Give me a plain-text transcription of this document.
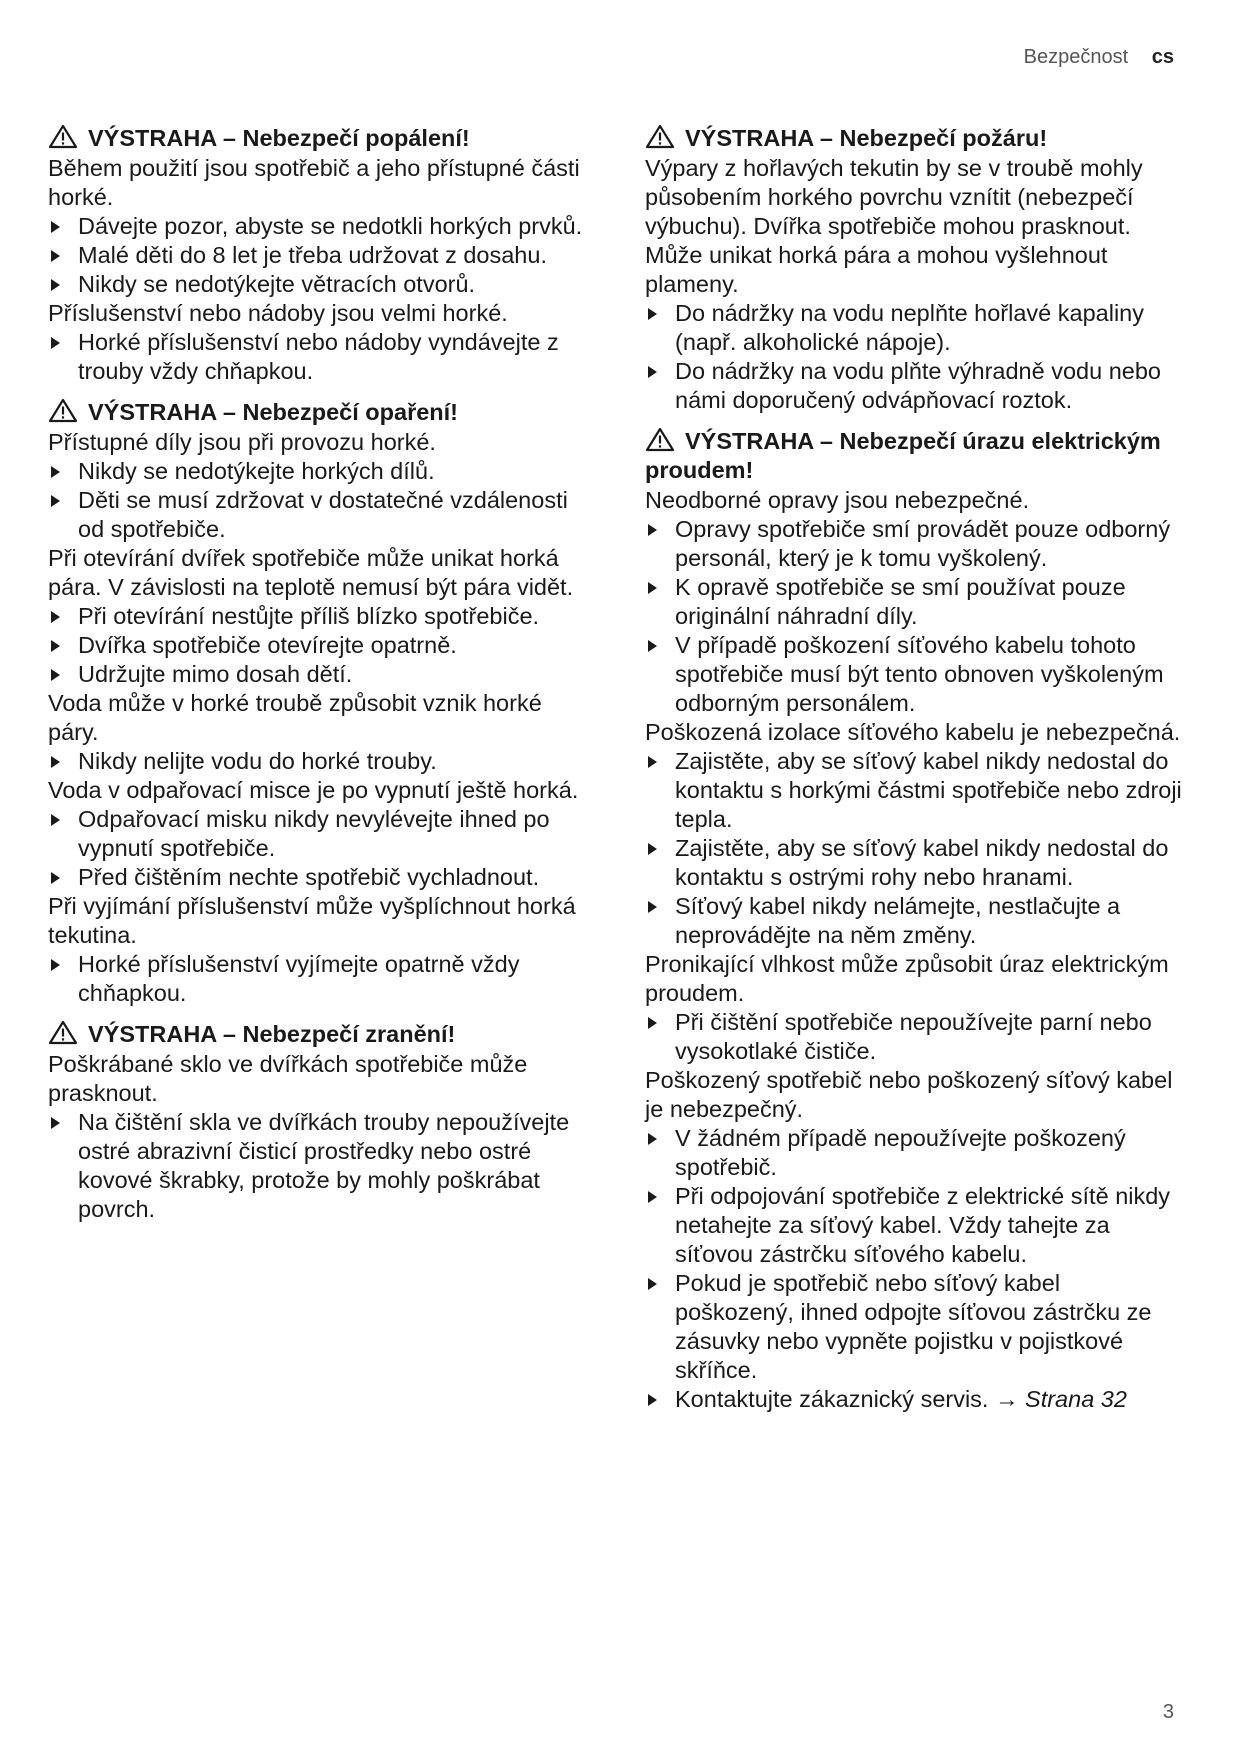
Bezpečnost cs
VÝSTRAHA – Nebezpečí popálení!

Během použití jsou spotřebič a jeho přístupné části horké.

Dávejte pozor, abyste se nedotkli horkých prvků.
Malé děti do 8 let je třeba udržovat z dosahu.
Nikdy se nedotýkejte větracích otvorů.

Příslušenství nebo nádoby jsou velmi horké.

Horké příslušenství nebo nádoby vyndávejte z trouby vždy chňapkou.
VÝSTRAHA – Nebezpečí opaření!

Přístupné díly jsou při provozu horké.

Nikdy se nedotýkejte horkých dílů.
Děti se musí zdržovat v dostatečné vzdálenosti od spotřebiče.

Při otevírání dvířek spotřebiče může unikat horká pára. V závislosti na teplotě nemusí být pára vidět.

Při otevírání nestůjte příliš blízko spotřebiče.
Dvířka spotřebiče otevírejte opatrně.
Udržujte mimo dosah dětí.

Voda může v horké troubě způsobit vznik horké páry.

Nikdy nelijte vodu do horké trouby.

Voda v odpařovací misce je po vypnutí ještě horká.

Odpařovací misku nikdy nevylévejte ihned po vypnutí spotřebiče.
Před čištěním nechte spotřebič vychladnout.

Při vyjímání příslušenství může vyšplíchnout horká tekutina.

Horké příslušenství vyjímejte opatrně vždy chňapkou.
VÝSTRAHA – Nebezpečí zranění!

Poškrábané sklo ve dvířkách spotřebiče může prasknout.

Na čištění skla ve dvířkách trouby nepoužívejte ostré abrazivní čisticí prostředky nebo ostré kovové škrabky, protože by mohly poškrábat povrch.
VÝSTRAHA – Nebezpečí požáru!

Výpary z hořlavých tekutin by se v troubě mohly působením horkého povrchu vznítit (nebezpečí výbuchu). Dvířka spotřebiče mohou prasknout. Může unikat horká pára a mohou vyšlehnout plameny.

Do nádržky na vodu neplňte hořlavé kapaliny (např. alkoholické nápoje).
Do nádržky na vodu plňte výhradně vodu nebo námi doporučený odvápňovací roztok.
VÝSTRAHA – Nebezpečí úrazu elektrickým proudem!

Neodborné opravy jsou nebezpečné.

Opravy spotřebiče smí provádět pouze odborný personál, který je k tomu vyškolený.
K opravě spotřebiče se smí používat pouze originální náhradní díly.
V případě poškození síťového kabelu tohoto spotřebiče musí být tento obnoven vyškoleným odborným personálem.

Poškozená izolace síťového kabelu je nebezpečná.

Zajistěte, aby se síťový kabel nikdy nedostal do kontaktu s horkými částmi spotřebiče nebo zdroji tepla.
Zajistěte, aby se síťový kabel nikdy nedostal do kontaktu s ostrými rohy nebo hranami.
Síťový kabel nikdy nelámejte, nestlačujte a neprovádějte na něm změny.

Pronikající vlhkost může způsobit úraz elektrickým proudem.

Při čištění spotřebiče nepoužívejte parní nebo vysokotlaké čističe.

Poškozený spotřebič nebo poškozený síťový kabel je nebezpečný.

V žádném případě nepoužívejte poškozený spotřebič.
Při odpojování spotřebiče z elektrické sítě nikdy netahejte za síťový kabel. Vždy tahejte za síťovou zástrčku síťového kabelu.
Pokud je spotřebič nebo síťový kabel poškozený, ihned odpojte síťovou zástrčku ze zásuvky nebo vypněte pojistku v pojistkové skříňce.
Kontaktujte zákaznický servis. → Strana 32
3
